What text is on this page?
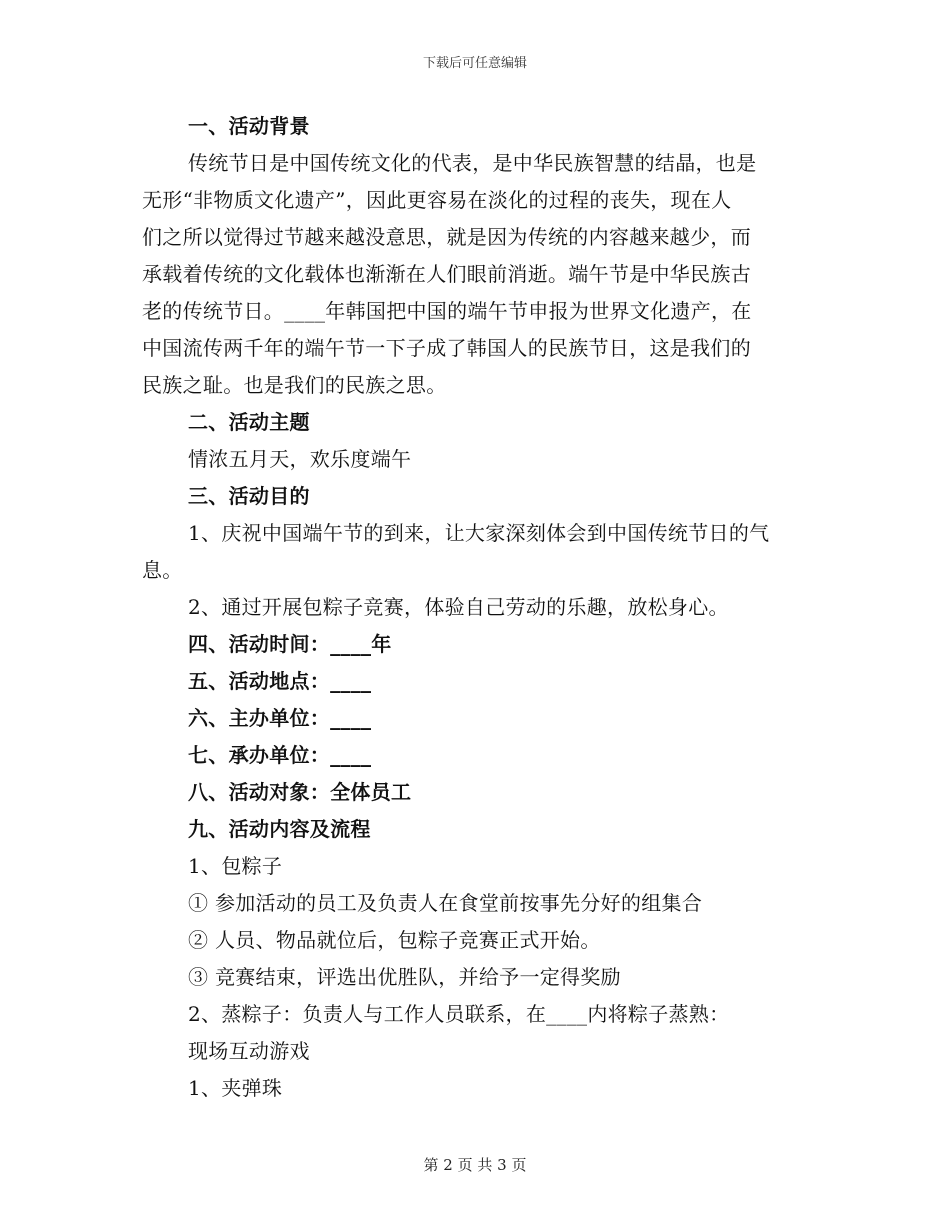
下载后可任意编辑
一、活动背景
传统节日是中国传统文化的代表，是中华民族智慧的结晶，也是
无形“非物质文化遗产”，因此更容易在淡化的过程的丧失，现在人
们之所以觉得过节越来越没意思，就是因为传统的内容越来越少，而
承载着传统的文化载体也渐渐在人们眼前消逝。端午节是中华民族古
老的传统节日。____年韩国把中国的端午节申报为世界文化遗产，在
中国流传两千年的端午节一下子成了韩国人的民族节日，这是我们的
民族之耻。也是我们的民族之思。
二、活动主题
情浓五月天，欢乐度端午
三、活动目的
1、庆祝中国端午节的到来，让大家深刻体会到中国传统节日的气
息。
2、通过开展包粽子竞赛，体验自己劳动的乐趣，放松身心。
四、活动时间：____年
五、活动地点：____
六、主办单位：____
七、承办单位：____
八、活动对象：全体员工
九、活动内容及流程
1、包粽子
① 参加活动的员工及负责人在食堂前按事先分好的组集合
② 人员、物品就位后，包粽子竞赛正式开始。
③ 竞赛结束，评选出优胜队，并给予一定得奖励
2、蒸粽子：负责人与工作人员联系，在____内将粽子蒸熟：
现场互动游戏
1、夹弹珠
第 2 页 共 3 页
